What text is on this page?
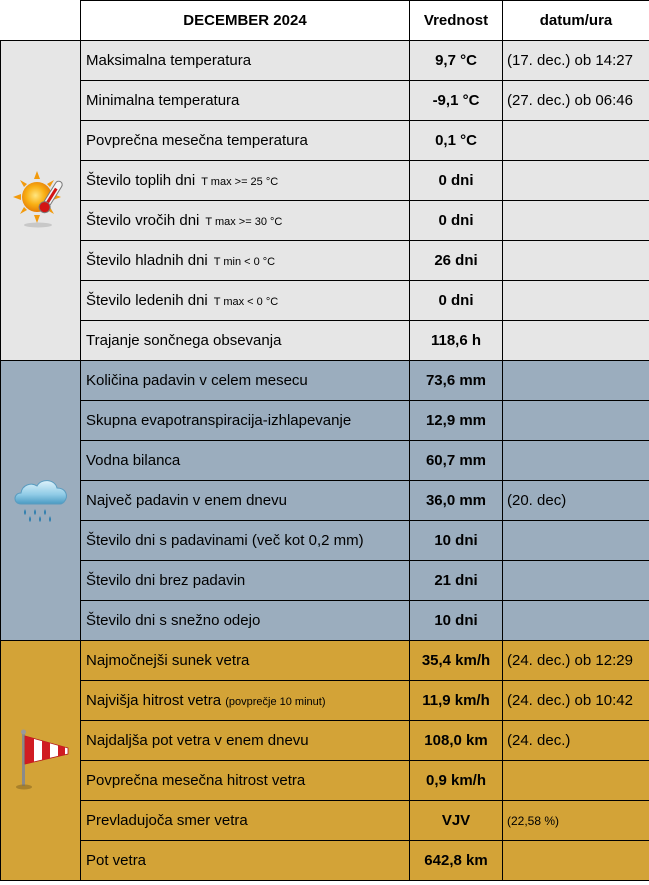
	DECEMBER 2024	Vrednost	datum/ura
	Maksimalna temperatura	9,7 °C	(17. dec.) ob 14:27
	Minimalna temperatura	-9,1 °C	(27. dec.) ob 06:46
	Povprečna mesečna temperatura	0,1 °C	
	Število toplih dni T max >= 25 °C	0 dni	
	Število vročih dni T max >= 30 °C	0 dni	
	Število hladnih dni T min < 0 °C	26 dni	
	Število ledenih dni T max < 0 °C	0 dni	
	Trajanje sončnega obsevanja	118,6 h	
	Količina padavin v celem mesecu	73,6 mm	
	Skupna evapotranspiracija-izhlapevanje	12,9 mm	
	Vodna bilanca	60,7 mm	
	Največ padavin v enem dnevu	36,0 mm	(20. dec)
	Število dni s padavinami (več kot 0,2 mm)	10 dni	
	Število dni brez padavin	21 dni	
	Število dni s snežno odejo	10 dni	
	Najmočnejši sunek vetra	35,4 km/h	(24. dec.) ob 12:29
	Najvišja hitrost vetra (povprečje 10 minut)	11,9 km/h	(24. dec.) ob 10:42
	Najdaljša pot vetra v enem dnevu	108,0 km	(24. dec.)
	Povprečna mesečna hitrost vetra	0,9 km/h	
	Prevladujoča smer vetra	VJV	(22,58 %)
	Pot vetra	642,8 km	
